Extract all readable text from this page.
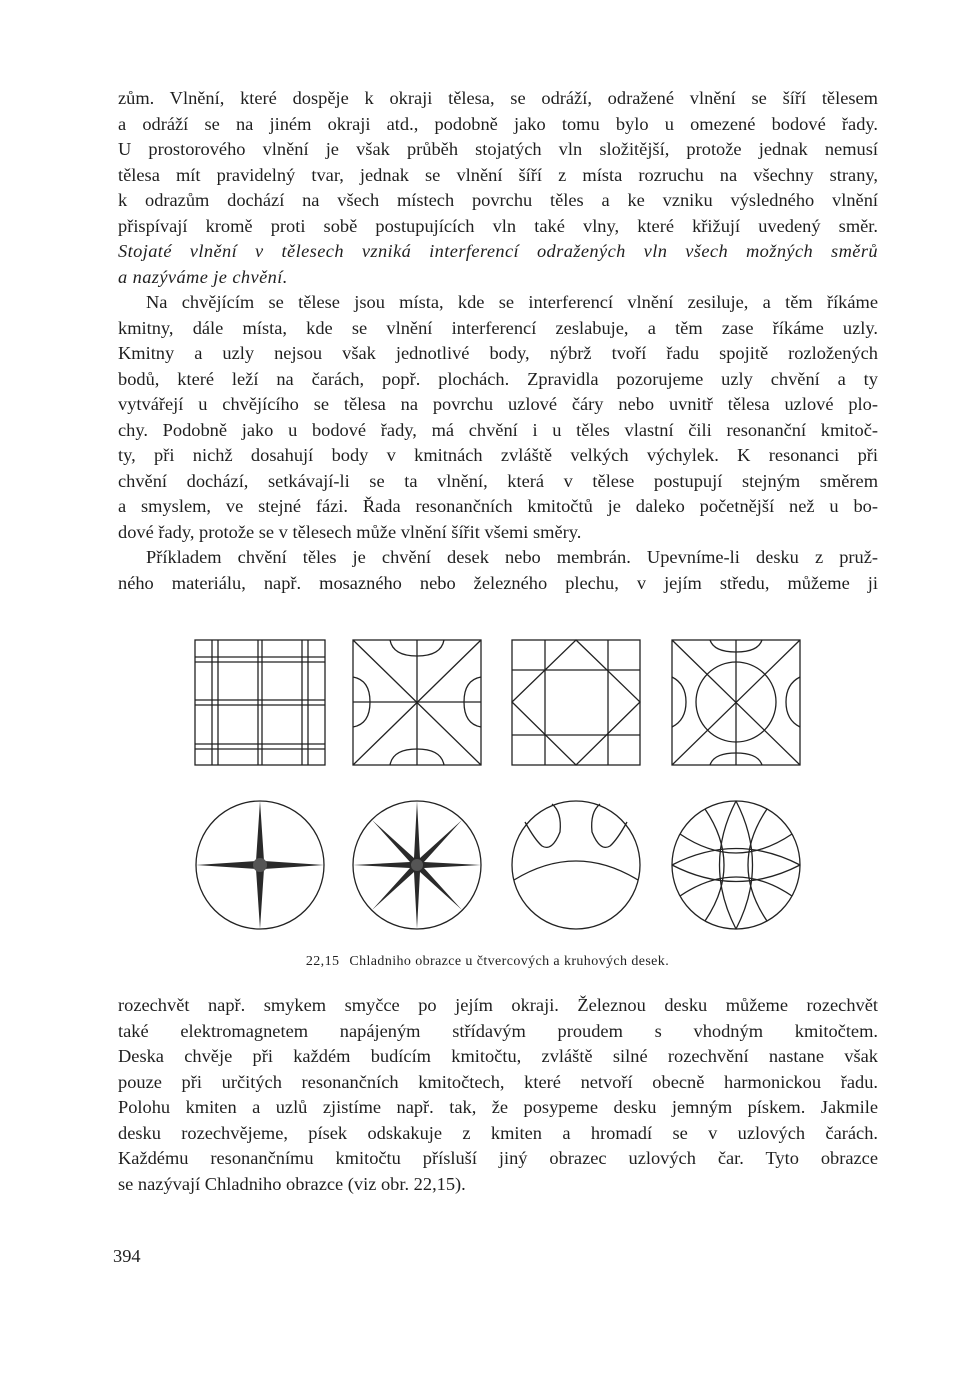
zům. Vlnění, které dospěje k okraji tělesa, se odráží, odražené vlnění se šíří tělesem

a odráží se na jiném okraji atd., podobně jako tomu bylo u omezené bodové řady.

U prostorového vlnění je však průběh stojatých vln složitější, protože jednak nemusí

tělesa mít pravidelný tvar, jednak se vlnění šíří z místa rozruchu na všechny strany,

k odrazům dochází na všech místech povrchu těles a ke vzniku výsledného vlnění

přispívají kromě proti sobě postupujících vln také vlny, které křižují uvedený směr.

Stojaté vlnění v tělesech vzniká interferencí odražených vln všech možných směrů

a nazýváme je chvění.

Na chvějícím se tělese jsou místa, kde se interferencí vlnění zesiluje, a těm říkáme

kmitny, dále místa, kde se vlnění interferencí zeslabuje, a těm zase říkáme uzly.

Kmitny a uzly nejsou však jednotlivé body, nýbrž tvoří řadu spojitě rozložených

bodů, které leží na čarách, popř. plochách. Zpravidla pozorujeme uzly chvění a ty

vytvářejí u chvějícího se tělesa na povrchu uzlové čáry nebo uvnitř tělesa uzlové plo-

chy. Podobně jako u bodové řady, má chvění i u těles vlastní čili resonanční kmitoč-

ty, při nichž dosahují body v kmitnách zvláště velkých výchylek. K resonanci při

chvění dochází, setkávají-li se ta vlnění, která v tělese postupují stejným směrem

a smyslem, ve stejné fázi. Řada resonančních kmitočtů je daleko početnější než u bo-

dové řady, protože se v tělesech může vlnění šířit všemi směry.

Příkladem chvění těles je chvění desek nebo membrán. Upevníme-li desku z pruž-

ného materiálu, např. mosazného nebo železného plechu, v jejím středu, můžeme ji

22,15 Chladniho obrazce u čtvercových a kruhových desek.

rozechvět např. smykem smyčce po jejím okraji. Železnou desku můžeme rozechvět

také elektromagnetem napájeným střídavým proudem s vhodným kmitočtem.

Deska chvěje při každém budícím kmitočtu, zvláště silné rozechvění nastane však

pouze při určitých resonančních kmitočtech, které netvoří obecně harmonickou řadu.

Polohu kmiten a uzlů zjistíme např. tak, že posypeme desku jemným pískem. Jakmile

desku rozechvějeme, písek odskakuje z kmiten a hromadí se v uzlových čarách.

Každému resonančnímu kmitočtu přísluší jiný obrazec uzlových čar. Tyto obrazce

se nazývají Chladniho obrazce (viz obr. 22,15).

394
